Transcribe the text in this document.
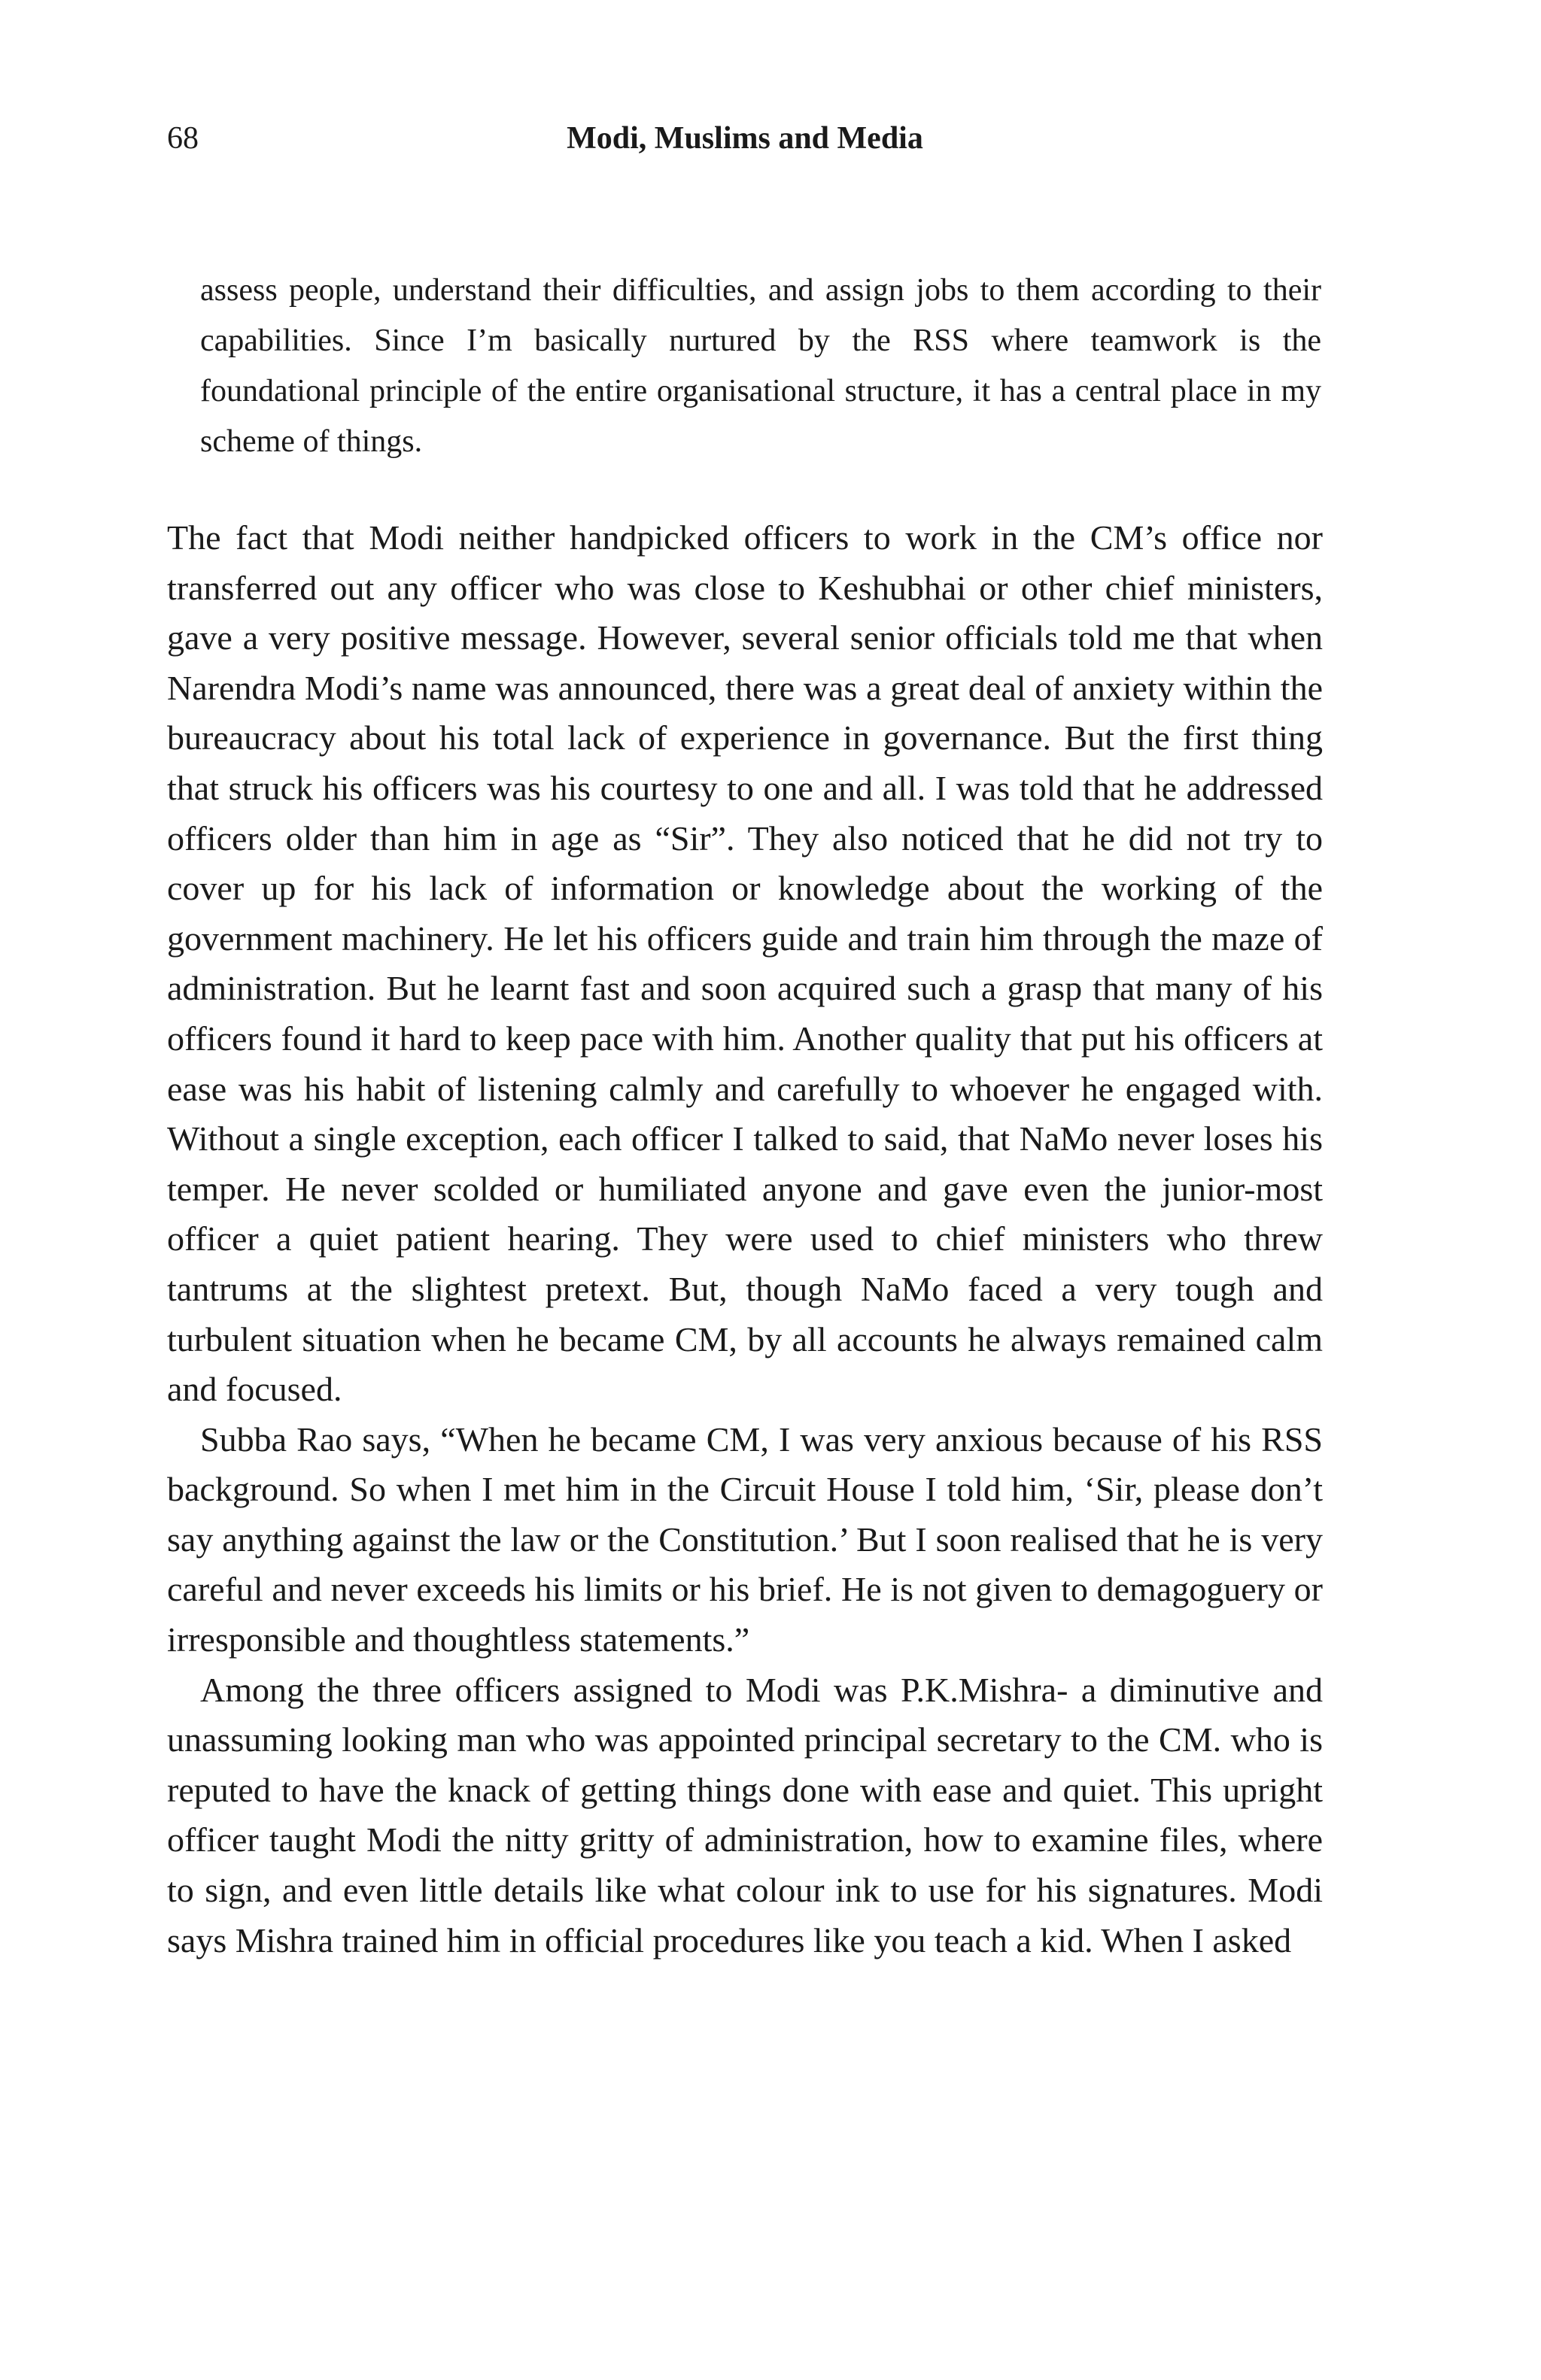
68	Modi, Muslims and Media

assess people, understand their difficulties, and assign jobs to them according to their capabilities. Since I’m basically nurtured by the RSS where teamwork is the foundational principle of the entire organisational structure, it has a central place in my scheme of things.

The fact that Modi neither handpicked officers to work in the CM’s office nor transferred out any officer who was close to Keshubhai or other chief ministers, gave a very positive message. However, several senior officials told me that when Narendra Modi’s name was announced, there was a great deal of anxiety within the bureaucracy about his total lack of experience in governance. But the first thing that struck his officers was his courtesy to one and all. I was told that he addressed officers older than him in age as “Sir”. They also noticed that he did not try to cover up for his lack of information or knowledge about the working of the government machinery. He let his officers guide and train him through the maze of administration. But he learnt fast and soon acquired such a grasp that many of his officers found it hard to keep pace with him. Another quality that put his officers at ease was his habit of listening calmly and carefully to whoever he engaged with. Without a single exception, each officer I talked to said, that NaMo never loses his temper. He never scolded or humiliated anyone and gave even the junior-most officer a quiet patient hearing. They were used to chief ministers who threw tantrums at the slightest pretext. But, though NaMo faced a very tough and turbulent situation when he became CM, by all accounts he always remained calm and focused.

Subba Rao says, “When he became CM, I was very anxious because of his RSS background. So when I met him in the Circuit House I told him, ‘Sir, please don’t say anything against the law or the Constitution.’ But I soon realised that he is very careful and never exceeds his limits or his brief. He is not given to demagoguery or irresponsible and thoughtless statements.”

Among the three officers assigned to Modi was P.K.Mishra- a diminutive and unassuming looking man who was appointed principal secretary to the CM. who is reputed to have the knack of getting things done with ease and quiet. This upright officer taught Modi the nitty gritty of administration, how to examine files, where to sign, and even little details like what colour ink to use for his signatures. Modi says Mishra trained him in official procedures like you teach a kid. When I asked
